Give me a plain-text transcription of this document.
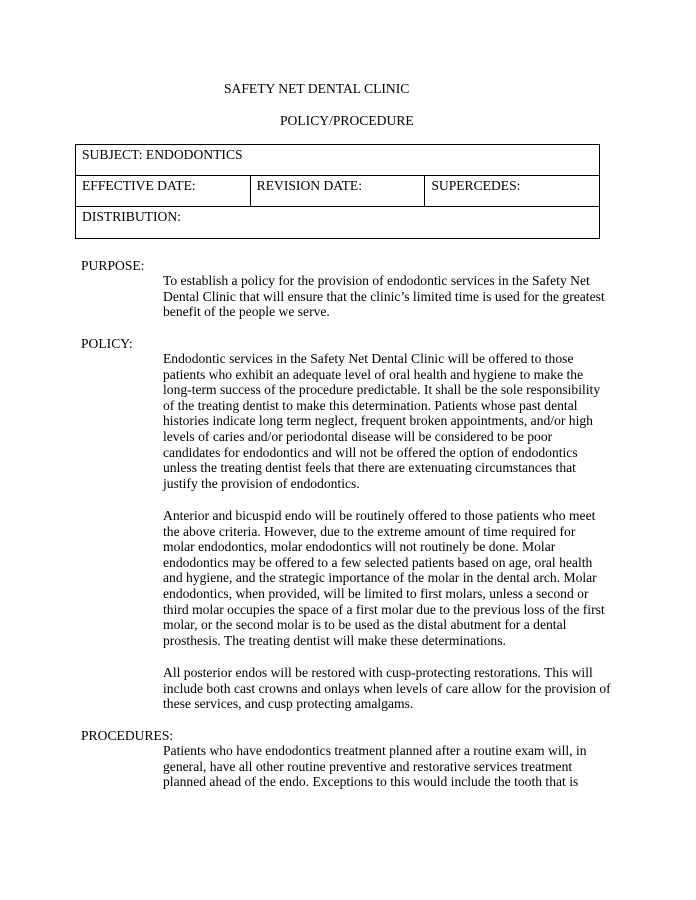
SAFETY NET DENTAL CLINIC
POLICY/PROCEDURE
SUBJECT: ENDODONTICS

EFFECTIVE DATE:	REVISION DATE:	SUPERCEDES:

DISTRIBUTION:
PURPOSE:
To establish a policy for the provision of endodontic services in the Safety Net
Dental Clinic that will ensure that the clinic’s limited time is used for the greatest
benefit of the people we serve.
POLICY:
Endodontic services in the Safety Net Dental Clinic will be offered to those
patients who exhibit an adequate level of oral health and hygiene to make the
long-term success of the procedure predictable. It shall be the sole responsibility
of the treating dentist to make this determination. Patients whose past dental
histories indicate long term neglect, frequent broken appointments, and/or high
levels of caries and/or periodontal disease will be considered to be poor
candidates for endodontics and will not be offered the option of endodontics
unless the treating dentist feels that there are extenuating circumstances that
justify the provision of endodontics.
Anterior and bicuspid endo will be routinely offered to those patients who meet
the above criteria. However, due to the extreme amount of time required for
molar endodontics, molar endodontics will not routinely be done. Molar
endodontics may be offered to a few selected patients based on age, oral health
and hygiene, and the strategic importance of the molar in the dental arch. Molar
endodontics, when provided, will be limited to first molars, unless a second or
third molar occupies the space of a first molar due to the previous loss of the first
molar, or the second molar is to be used as the distal abutment for a dental
prosthesis. The treating dentist will make these determinations.
All posterior endos will be restored with cusp-protecting restorations. This will
include both cast crowns and onlays when levels of care allow for the provision of
these services, and cusp protecting amalgams.
PROCEDURES:
Patients who have endodontics treatment planned after a routine exam will, in
general, have all other routine preventive and restorative services treatment
planned ahead of the endo. Exceptions to this would include the tooth that is
